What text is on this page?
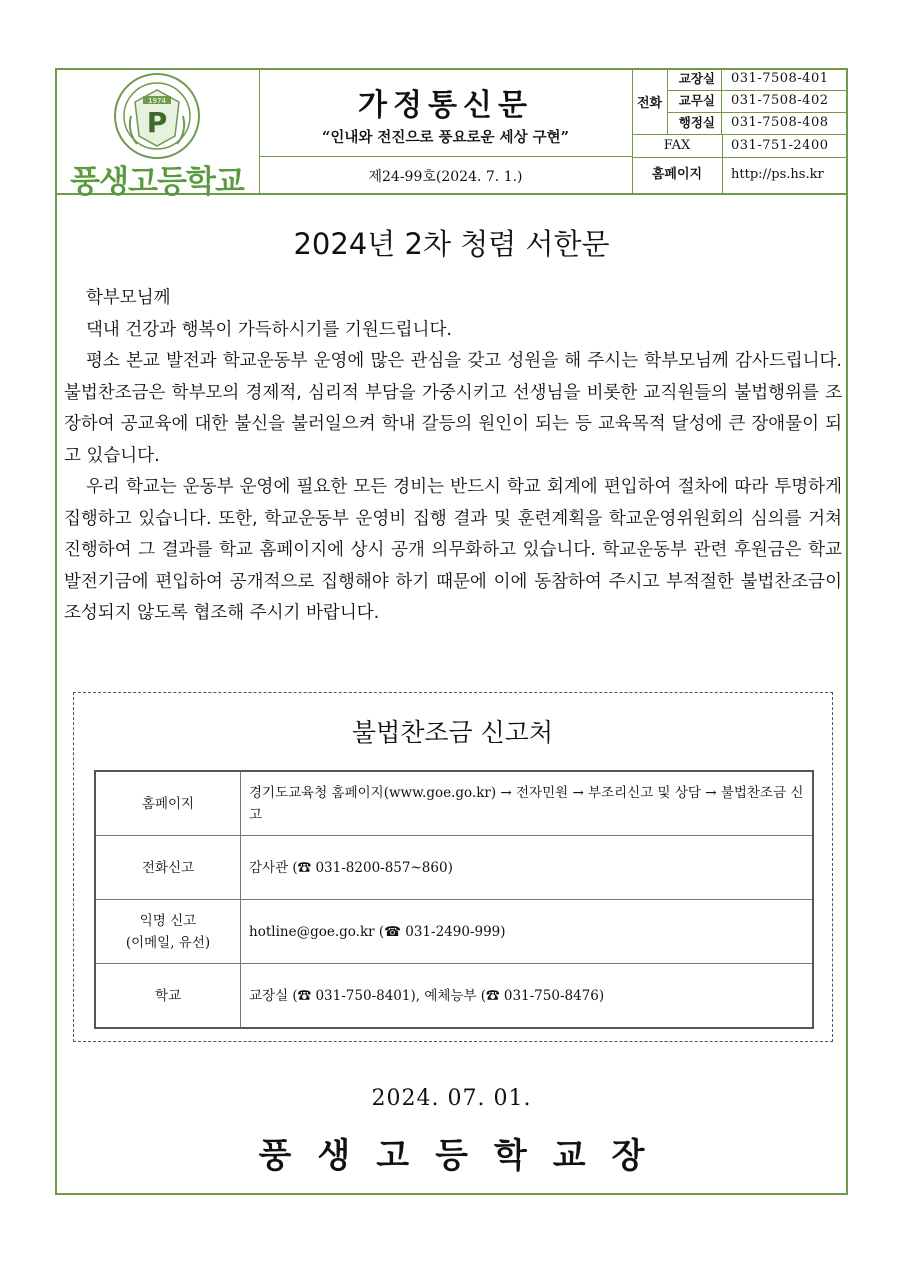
1974
P
풍생고등학교
가정통신문
“인내와 전진으로 풍요로운 세상 구현”
제24-99호(2024. 7. 1.)
전화
교장실	031-7508-401
교무실	031-7508-402
행정실	031-7508-408
FAX	031-751-2400
홈페이지	http://ps.hs.kr
2024년 2차 청렴 서한문

학부모님께

댁내 건강과 행복이 가득하시기를 기원드립니다.

평소 본교 발전과 학교운동부 운영에 많은 관심을 갖고 성원을 해 주시는 학부모님께 감사드립니다. 불법찬조금은 학부모의 경제적, 심리적 부담을 가중시키고 선생님을 비롯한 교직원들의 불법행위를 조장하여 공교육에 대한 불신을 불러일으켜 학내 갈등의 원인이 되는 등 교육목적 달성에 큰 장애물이 되고 있습니다.

우리 학교는 운동부 운영에 필요한 모든 경비는 반드시 학교 회계에 편입하여 절차에 따라 투명하게 집행하고 있습니다. 또한, 학교운동부 운영비 집행 결과 및 훈련계획을 학교운영위원회의 심의를 거쳐 진행하여 그 결과를 학교 홈페이지에 상시 공개 의무화하고 있습니다. 학교운동부 관련 후원금은 학교발전기금에 편입하여 공개적으로 집행해야 하기 때문에 이에 동참하여 주시고 부적절한 불법찬조금이 조성되지 않도록 협조해 주시기 바랍니다.

불법찬조금 신고처
홈페이지	경기도교육청 홈페이지(www.goe.go.kr) → 전자민원 → 부조리신고 및 상담 → 불법찬조금 신고
전화신고	감사관 (☎ 031-8200-857~860)

익명 신고
(이메일, 유선)	hotline@goe.go.kr (☎ 031-2490-999)
학교	교장실 (☎ 031-750-8401), 예체능부 (☎ 031-750-8476)
2024. 07. 01.
풍생고등학교장
